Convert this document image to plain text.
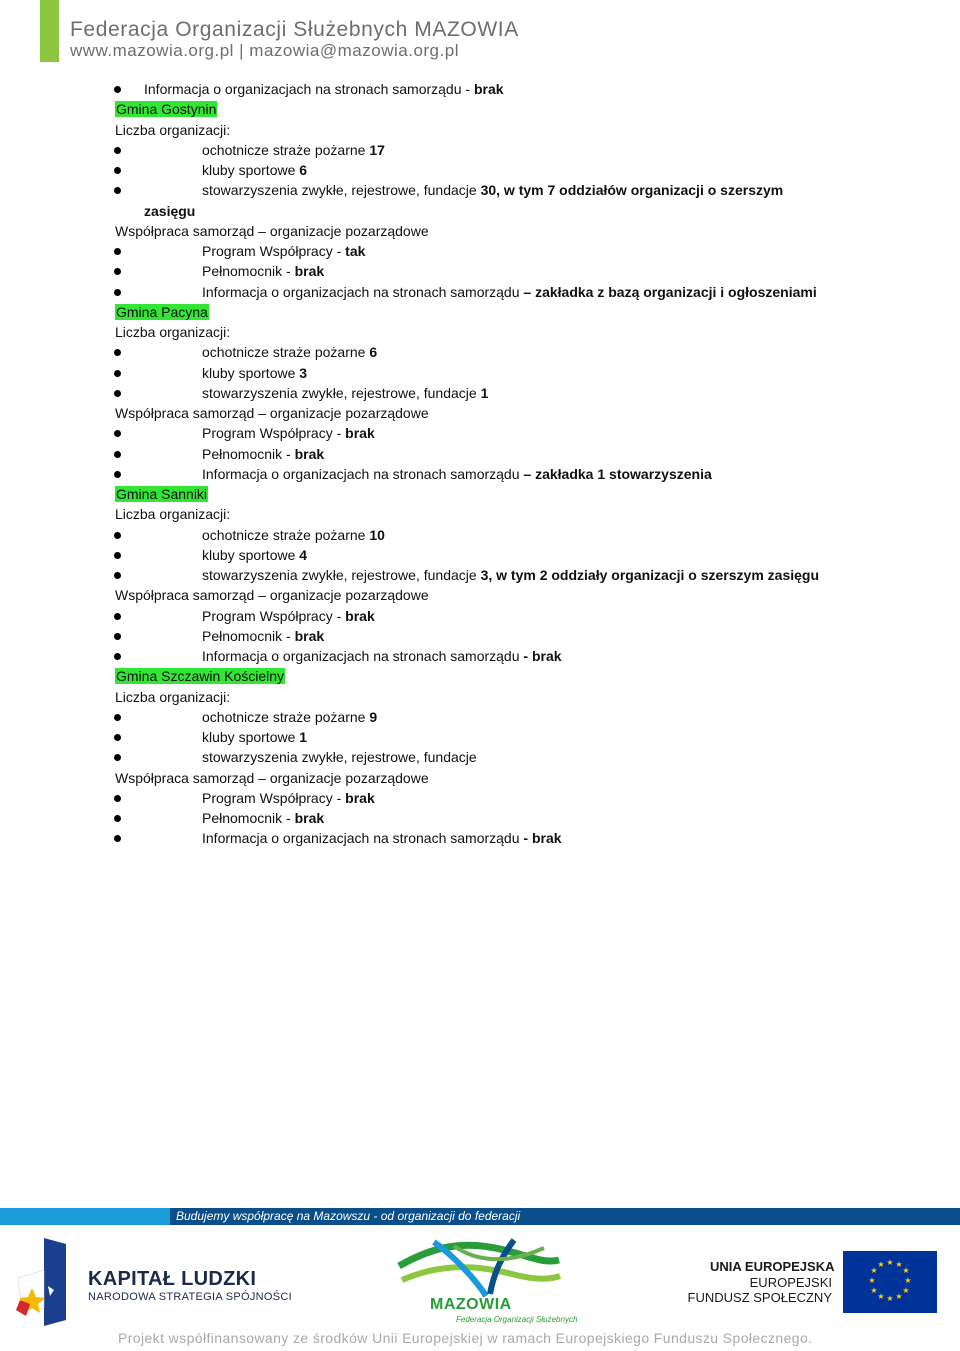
Federacja Organizacji Służebnych MAZOWIA
www.mazowia.org.pl | mazowia@mazowia.org.pl
Informacja o organizacjach na stronach samorządu - brak
Gmina Gostynin
Liczba organizacji:
ochotnicze straże pożarne 17
kluby sportowe 6
stowarzyszenia zwykłe, rejestrowe, fundacje 30, w tym 7 oddziałów organizacji o szerszym
zasięgu
Współpraca samorząd – organizacje pozarządowe
Program Współpracy - tak
Pełnomocnik - brak
Informacja o organizacjach na stronach samorządu – zakładka z bazą organizacji i ogłoszeniami
Gmina Pacyna
Liczba organizacji:
ochotnicze straże pożarne 6
kluby sportowe 3
stowarzyszenia zwykłe, rejestrowe, fundacje 1
Współpraca samorząd – organizacje pozarządowe
Program Współpracy - brak
Pełnomocnik - brak
Informacja o organizacjach na stronach samorządu – zakładka 1 stowarzyszenia
Gmina Sanniki
Liczba organizacji:
ochotnicze straże pożarne 10
kluby sportowe 4
stowarzyszenia zwykłe, rejestrowe, fundacje 3, w tym 2 oddziały organizacji o szerszym zasięgu
Współpraca samorząd – organizacje pozarządowe
Program Współpracy - brak
Pełnomocnik - brak
Informacja o organizacjach na stronach samorządu - brak
Gmina Szczawin Kościelny
Liczba organizacji:
ochotnicze straże pożarne 9
kluby sportowe 1
stowarzyszenia zwykłe, rejestrowe, fundacje
Współpraca samorząd – organizacje pozarządowe
Program Współpracy - brak
Pełnomocnik - brak
Informacja o organizacjach na stronach samorządu - brak
Budujemy współpracę na Mazowszu - od organizacji do federacji
KAPITAŁ LUDZKI
NARODOWA STRATEGIA SPÓJNOŚCI	MAZOWIA
Federacja Organizacji Służebnych
UNIA EUROPEJSKA
EUROPEJSKI
FUNDUSZ SPOŁECZNY
★ ★
★
★
★
★
★
★
★
★
★
★
Projekt współfinansowany ze środków Unii Europejskiej w ramach Europejskiego Funduszu Społecznego.
